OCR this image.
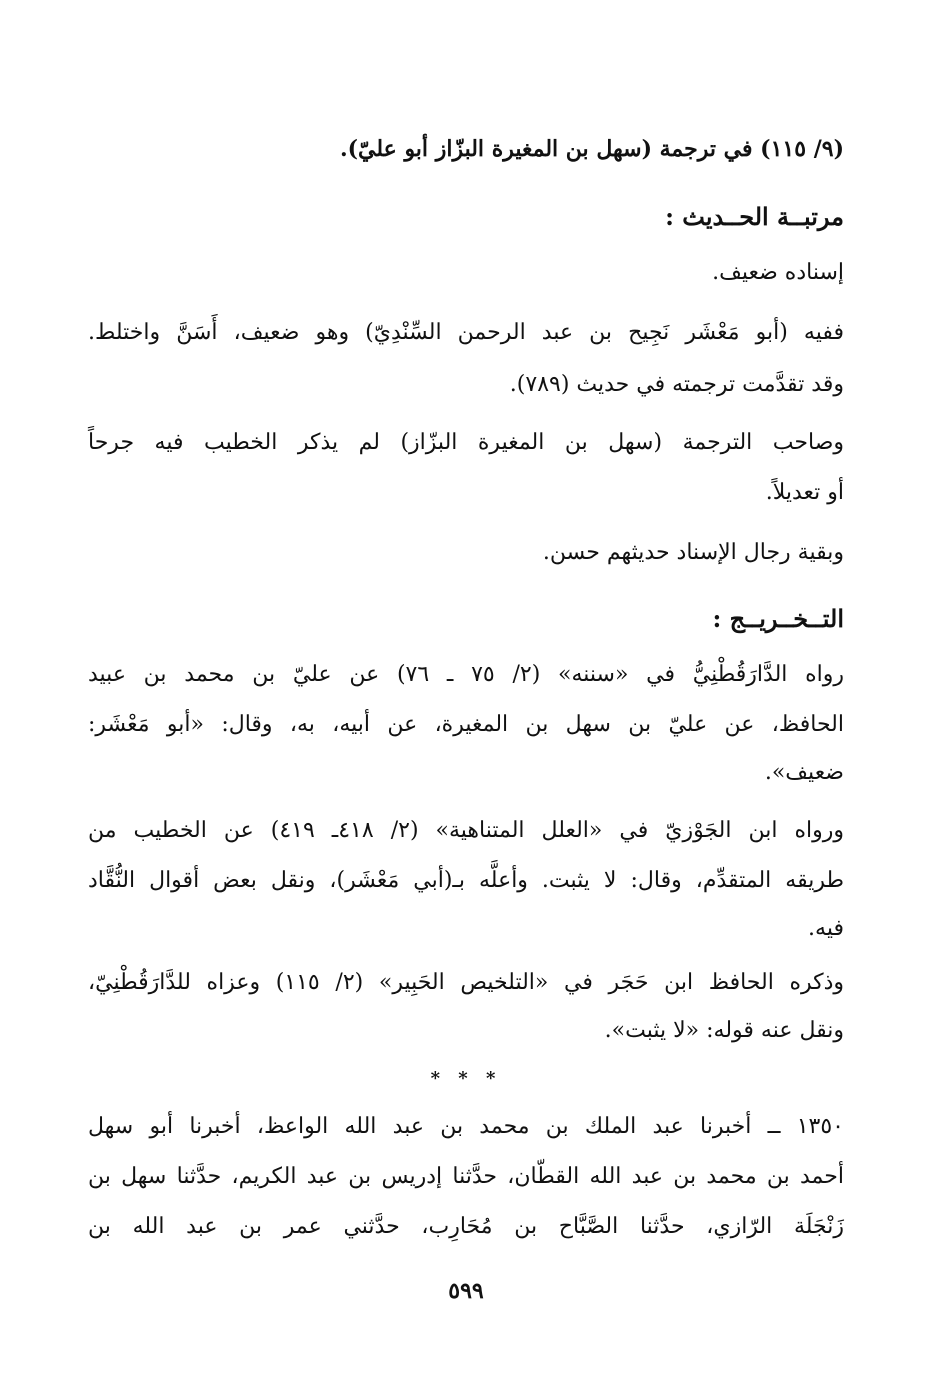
(٩/ ١١٥) في ترجمة (سهل بن المغيرة البزّاز أبو عليّ).
مرتبــة الحــديث :
إسناده ضعيف.
ففيه (أبو مَعْشَر نَجِيح بن عبد الرحمن السِّنْدِيّ) وهو ضعيف، أَسَنَّ واختلط.
وقد تقدَّمت ترجمته في حديث (٧٨٩).
وصاحب الترجمة (سهل بن المغيرة البزّاز) لم يذكر الخطيب فيه جرحاً
أو تعديلاً.
وبقية رجال الإسناد حديثهم حسن.
التــخــريــج :
رواه الدَّارَقُطْنِيُّ في «سننه» (٢/ ٧٥ ـ ٧٦) عن عليّ بن محمد بن عبيد
الحافظ، عن عليّ بن سهل بن المغيرة، عن أبيه، به، وقال: «أبو مَعْشَر:
ضعيف».
ورواه ابن الجَوْزيّ في «العلل المتناهية» (٢/ ٤١٨ـ ٤١٩) عن الخطيب من
طريقه المتقدِّم، وقال: لا يثبت. وأعلَّه بـ(أبي مَعْشَر)، ونقل بعض أقوال النُّقَّاد
فيه.
وذكره الحافظ ابن حَجَر في «التلخيص الحَبِير» (٢/ ١١٥) وعزاه للدَّارَقُطْنِيّ،
ونقل عنه قوله: «لا يثبت».
* * *
١٣٥٠ ــ أخبرنا عبد الملك بن محمد بن عبد الله الواعظ، أخبرنا أبو سهل
أحمد بن محمد بن عبد الله القطّان، حدَّثنا إدريس بن عبد الكريم، حدَّثنا سهل بن
زَنْجَلَة الرّازي، حدَّثنا الصَّبَّاح بن مُحَارِب، حدَّثني عمر بن عبد الله بن
٥٩٩
